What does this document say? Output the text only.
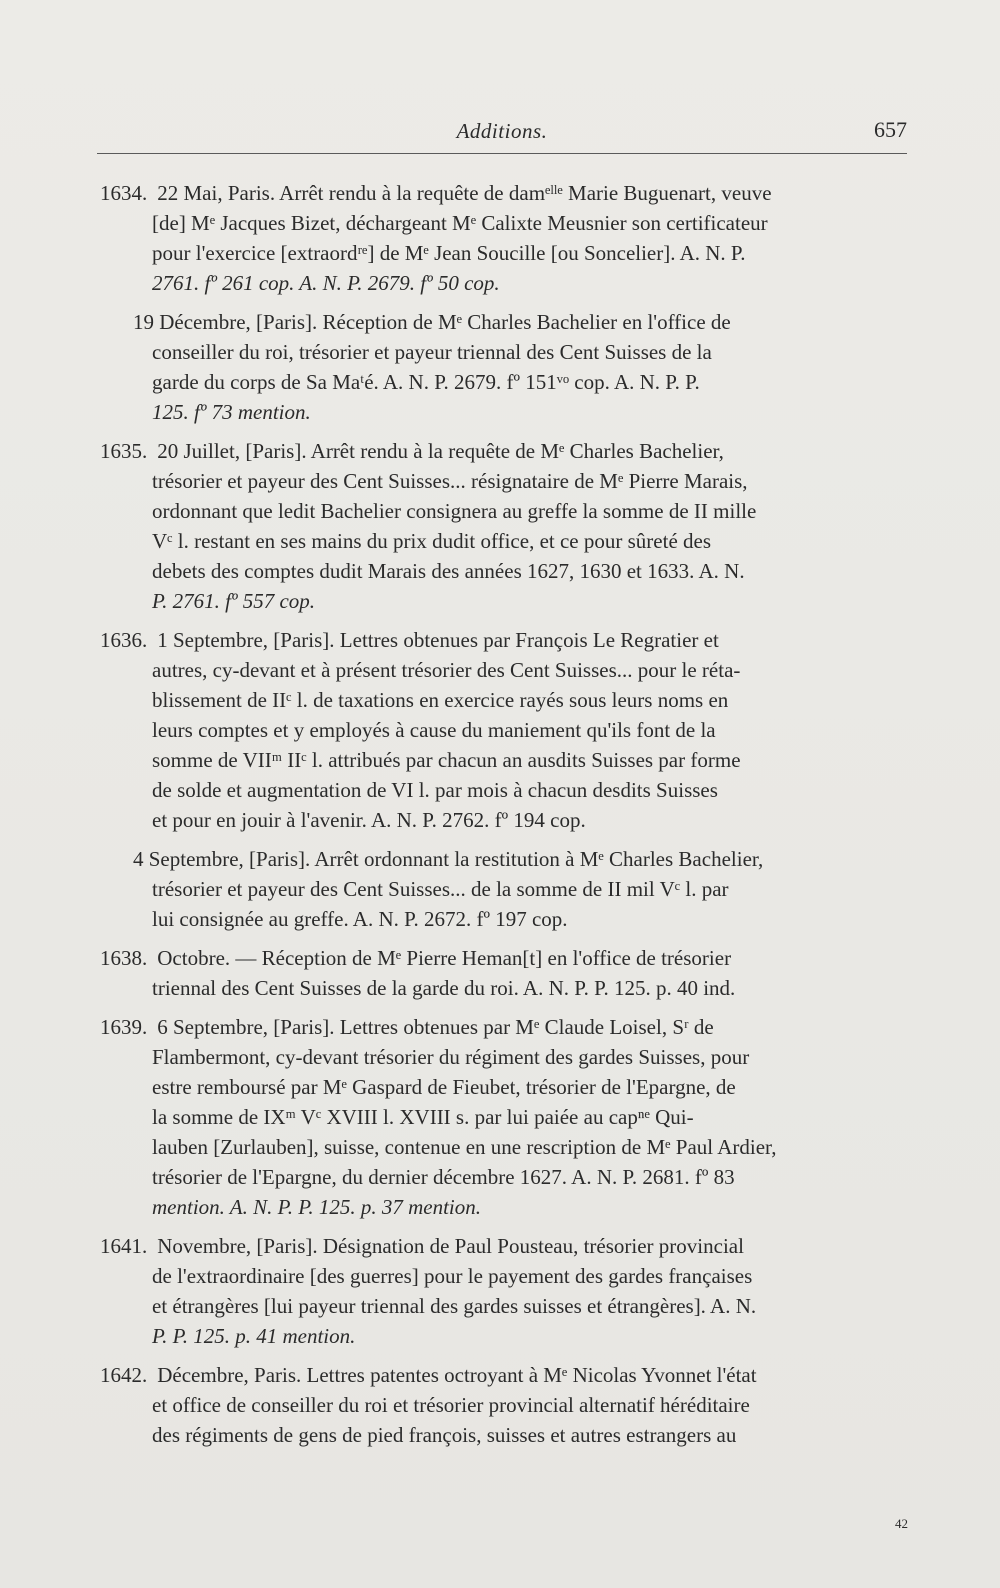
Additions.	657
1634. 22 Mai, Paris. Arrêt rendu à la requête de damᵉˡˡᵉ Marie Buguenart, veuve
[de] Mᵉ Jacques Bizet, déchargeant Mᵉ Calixte Meusnier son certificateur
pour l'exercice [extraordʳᵉ] de Mᵉ Jean Soucille [ou Soncelier]. A. N. P.
2761. fº 261 cop. A. N. P. 2679. fº 50 cop.
19 Décembre, [Paris]. Réception de Mᵉ Charles Bachelier en l'office de
conseiller du roi, trésorier et payeur triennal des Cent Suisses de la
garde du corps de Sa Maᵗé. A. N. P. 2679. fº 151ᵛᵒ cop. A. N. P. P.
125. fº 73 mention.
1635. 20 Juillet, [Paris]. Arrêt rendu à la requête de Mᵉ Charles Bachelier,
trésorier et payeur des Cent Suisses... résignataire de Mᵉ Pierre Marais,
ordonnant que ledit Bachelier consignera au greffe la somme de II mille
Vᶜ l. restant en ses mains du prix dudit office, et ce pour sûreté des
debets des comptes dudit Marais des années 1627, 1630 et 1633. A. N.
P. 2761. fº 557 cop.
1636. 1 Septembre, [Paris]. Lettres obtenues par François Le Regratier et
autres, cy-devant et à présent trésorier des Cent Suisses... pour le réta-
blissement de IIᶜ l. de taxations en exercice rayés sous leurs noms en
leurs comptes et y employés à cause du maniement qu'ils font de la
somme de VIIᵐ IIᶜ l. attribués par chacun an ausdits Suisses par forme
de solde et augmentation de VI l. par mois à chacun desdits Suisses
et pour en jouir à l'avenir. A. N. P. 2762. fº 194 cop.
4 Septembre, [Paris]. Arrêt ordonnant la restitution à Mᵉ Charles Bachelier,
trésorier et payeur des Cent Suisses... de la somme de II mil Vᶜ l. par
lui consignée au greffe. A. N. P. 2672. fº 197 cop.
1638. Octobre. — Réception de Mᵉ Pierre Heman[t] en l'office de trésorier
triennal des Cent Suisses de la garde du roi. A. N. P. P. 125. p. 40 ind.
1639. 6 Septembre, [Paris]. Lettres obtenues par Mᵉ Claude Loisel, Sʳ de
Flambermont, cy-devant trésorier du régiment des gardes Suisses, pour
estre remboursé par Mᵉ Gaspard de Fieubet, trésorier de l'Epargne, de
la somme de IXᵐ Vᶜ XVIII l. XVIII s. par lui paiée au capⁿᵉ Qui-
lauben [Zurlauben], suisse, contenue en une rescription de Mᵉ Paul Ardier,
trésorier de l'Epargne, du dernier décembre 1627. A. N. P. 2681. fº 83
mention. A. N. P. P. 125. p. 37 mention.
1641. Novembre, [Paris]. Désignation de Paul Pousteau, trésorier provincial
de l'extraordinaire [des guerres] pour le payement des gardes françaises
et étrangères [lui payeur triennal des gardes suisses et étrangères]. A. N.
P. P. 125. p. 41 mention.
1642. Décembre, Paris. Lettres patentes octroyant à Mᵉ Nicolas Yvonnet l'état
et office de conseiller du roi et trésorier provincial alternatif héréditaire
des régiments de gens de pied françois, suisses et autres estrangers au
42
